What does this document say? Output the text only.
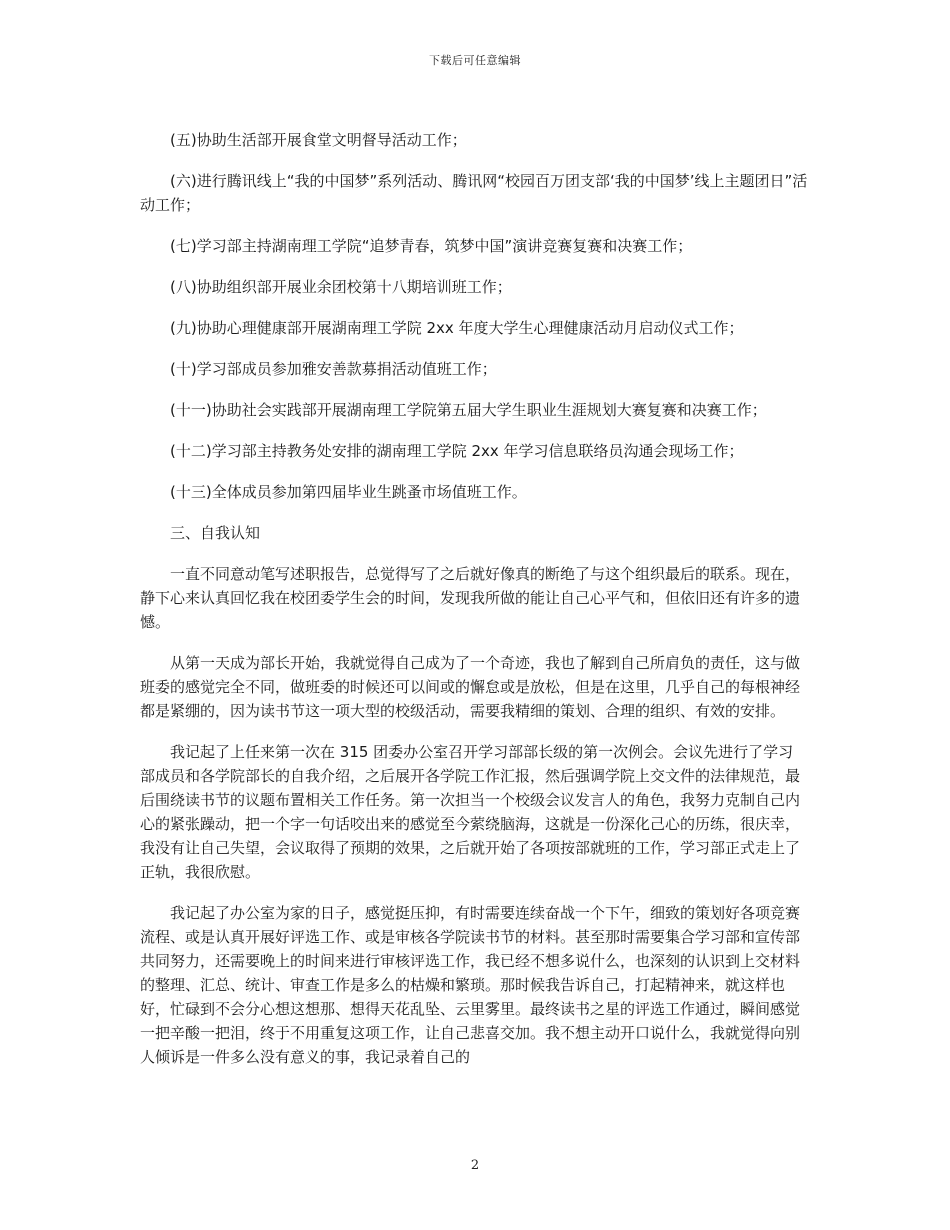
下载后可任意编辑

(五)协助生活部开展食堂文明督导活动工作；

(六)进行腾讯线上“我的中国梦”系列活动、腾讯网“校园百万团支部‘我的中国梦’线上主题团日”活动工作；

(七)学习部主持湖南理工学院“追梦青春，筑梦中国”演讲竞赛复赛和决赛工作；

(八)协助组织部开展业余团校第十八期培训班工作；

(九)协助心理健康部开展湖南理工学院 2xx 年度大学生心理健康活动月启动仪式工作；

(十)学习部成员参加雅安善款募捐活动值班工作；

(十一)协助社会实践部开展湖南理工学院第五届大学生职业生涯规划大赛复赛和决赛工作；

(十二)学习部主持教务处安排的湖南理工学院 2xx 年学习信息联络员沟通会现场工作；

(十三)全体成员参加第四届毕业生跳蚤市场值班工作。

三、自我认知

一直不同意动笔写述职报告，总觉得写了之后就好像真的断绝了与这个组织最后的联系。现在，静下心来认真回忆我在校团委学生会的时间，发现我所做的能让自己心平气和，但依旧还有许多的遗憾。

从第一天成为部长开始，我就觉得自己成为了一个奇迹，我也了解到自己所肩负的责任，这与做班委的感觉完全不同，做班委的时候还可以间或的懈怠或是放松，但是在这里，几乎自己的每根神经都是紧绷的，因为读书节这一项大型的校级活动，需要我精细的策划、合理的组织、有效的安排。

我记起了上任来第一次在 315 团委办公室召开学习部部长级的第一次例会。会议先进行了学习部成员和各学院部长的自我介绍，之后展开各学院工作汇报，然后强调学院上交文件的法律规范，最后围绕读书节的议题布置相关工作任务。第一次担当一个校级会议发言人的角色，我努力克制自己内心的紧张躁动，把一个字一句话咬出来的感觉至今萦绕脑海，这就是一份深化己心的历练，很庆幸，我没有让自己失望，会议取得了预期的效果，之后就开始了各项按部就班的工作，学习部正式走上了正轨，我很欣慰。

我记起了办公室为家的日子，感觉挺压抑，有时需要连续奋战一个下午，细致的策划好各项竞赛流程、或是认真开展好评选工作、或是审核各学院读书节的材料。甚至那时需要集合学习部和宣传部共同努力，还需要晚上的时间来进行审核评选工作，我已经不想多说什么，也深刻的认识到上交材料的整理、汇总、统计、审查工作是多么的枯燥和繁琐。那时候我告诉自己，打起精神来，就这样也好，忙碌到不会分心想这想那、想得天花乱坠、云里雾里。最终读书之星的评选工作通过，瞬间感觉一把辛酸一把泪，终于不用重复这项工作，让自己悲喜交加。我不想主动开口说什么，我就觉得向别人倾诉是一件多么没有意义的事，我记录着自己的

2
